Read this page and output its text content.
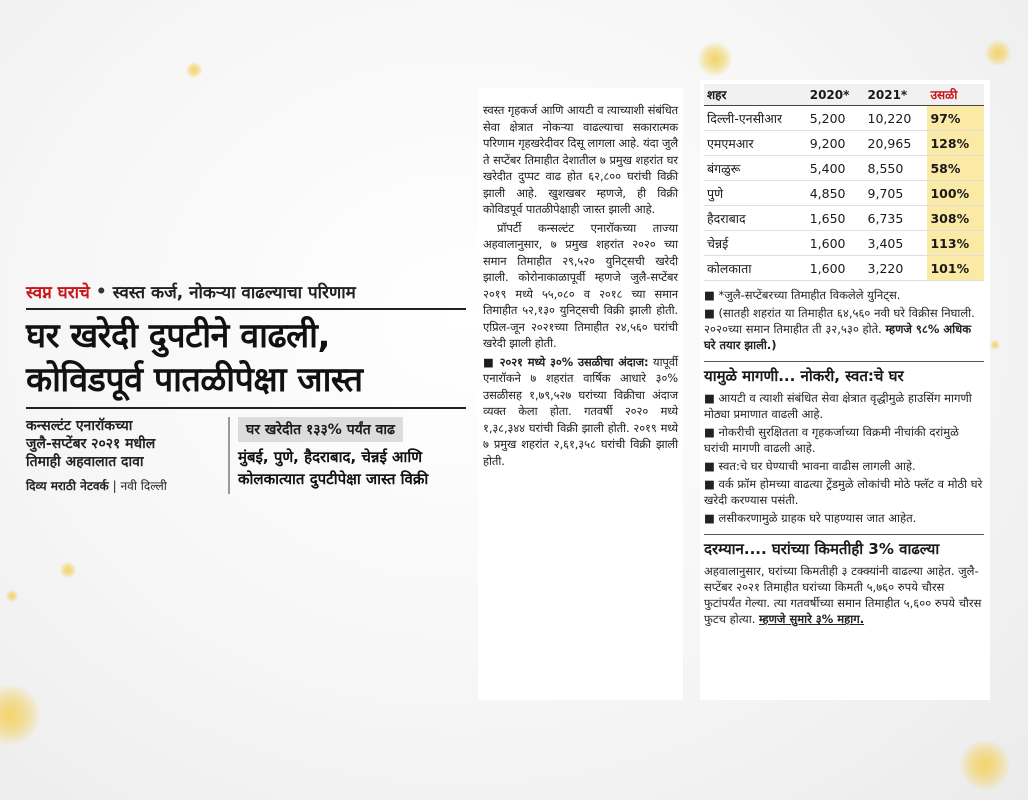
स्वप्न घराचे • स्वस्त कर्ज, नोकऱ्या वाढल्याचा परिणाम
घर खरेदी दुपटीने वाढली,
कोविडपूर्व पातळीपेक्षा जास्त
कन्सल्टंट एनारॉकच्या
जुलै-सप्टेंबर २०२१ मधील
तिमाही अहवालात दावा
दिव्य मराठी नेटवर्क | नवी दिल्ली
घर खरेदीत १३३% पर्यंत वाढ
मुंबई, पुणे, हैदराबाद, चेन्नई आणि
कोलकात्यात दुपटीपेक्षा जास्त विक्री

स्वस्त गृहकर्ज आणि आयटी व त्याच्याशी संबंधित सेवा क्षेत्रात नोकऱ्या वाढल्याचा सकारात्मक परिणाम गृहखरेदीवर दिसू लागला आहे. यंदा जुलै ते सप्टेंबर तिमाहीत देशातील ७ प्रमुख शहरांत घर खरेदीत दुप्पट वाढ होत ६२,८०० घरांची विक्री झाली आहे. खुशखबर म्हणजे, ही विक्री कोविडपूर्व पातळीपेक्षाही जास्त झाली आहे.

प्रॉपर्टी कन्सल्टंट एनारॉकच्या ताज्या अहवालानुसार, ७ प्रमुख शहरांत २०२० च्या समान तिमाहीत २९,५२० युनिट्सची खरेदी झाली. कोरोनाकाळापूर्वी म्हणजे जुलै-सप्टेंबर २०१९ मध्ये ५५,०८० व २०१८ च्या समान तिमाहीत ५२,१३० युनिट्सची विक्री झाली होती. एप्रिल-जून २०२१च्या तिमाहीत २४,५६० घरांची खरेदी झाली होती.

■ २०२१ मध्ये ३०% उसळीचा अंदाज: यापूर्वी एनारॉकने ७ शहरांत वार्षिक आधारे ३०% उसळीसह १,७९,५२७ घरांच्या विक्रीचा अंदाज व्यक्त केला होता. गतवर्षी २०२० मध्ये १,३८,३४४ घरांची विक्री झाली होती. २०१९ मध्ये ७ प्रमुख शहरांत २,६१,३५८ घरांची विक्री झाली होती.

शहर	2020*	2021*	उसळी
दिल्ली-एनसीआर	5,200	10,220	97%
एमएमआर	9,200	20,965	128%
बंगळुरू	5,400	8,550	58%
पुणे	4,850	9,705	100%
हैदराबाद	1,650	6,735	308%
चेन्नई	1,600	3,405	113%
कोलकाता	1,600	3,220	101%

■ *जुलै-सप्टेंबरच्या तिमाहीत विकलेले युनिट्स.

■ (सातही शहरांत या तिमाहीत ६४,५६० नवी घरे विक्रीस निघाली. २०२०च्या समान तिमाहीत ती ३२,५३० होते. म्हणजे ९८% अधिक घरे तयार झाली.)

यामुळे मागणी... नोकरी, स्वत:चे घर

■ आयटी व त्याशी संबंधित सेवा क्षेत्रात वृद्धीमुळे हाउसिंग मागणी मोठ्या प्रमाणात वाढली आहे.

■ नोकरीची सुरक्षितता व गृहकर्जाच्या विक्रमी नीचांकी दरांमुळे घरांची मागणी वाढली आहे.

■ स्वत:चे घर घेण्याची भावना वाढीस लागली आहे.

■ वर्क फ्रॉम होमच्या वाढत्या ट्रेंडमुळे लोकांची मोठे फ्लॅट व मोठी घरे खरेदी करण्यास पसंती.

■ लसीकरणामुळे ग्राहक घरे पाहण्यास जात आहेत.

दरम्यान.... घरांच्या किमतीही 3% वाढल्या

अहवालानुसार, घरांच्या किमतीही ३ टक्क्यांनी वाढल्या आहेत. जुलै-सप्टेंबर २०२१ तिमाहीत घरांच्या किमती ५,७६० रुपये चौरस फुटांपर्यंत गेल्या. त्या गतवर्षीच्या समान तिमाहीत ५,६०० रुपये चौरस फुटच होत्या. म्हणजे सुमारे ३% महाग.
